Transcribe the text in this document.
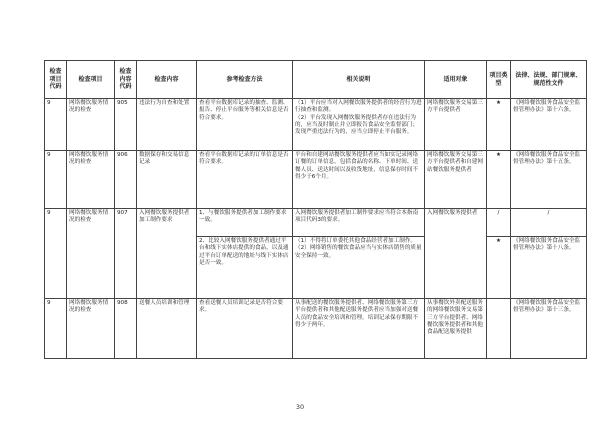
检查项目代码	检查项目	检查内容代码	检查内容	参考检查方法	相关说明	适用对象	项目类型	法律、法规、部门规章、规范性文件
9	网络餐饮服务情况的检查	905	违法行为自查和处置	查看平台数据库记录的抽查、监测、报告、停止平台服务等相关信息是否符合要求。	（1）平台应当对入网餐饮服务提供者的经营行为进行抽查和监测。
（2）平台发现入网餐饮服务提供者存在违法行为的，应当及时制止并立即报告食品安全监督部门；发现严重违法行为的，应当立即停止平台服务。	网络餐饮服务交易第三方平台提供者	★	《网络餐饮服务食品安全监督管理办法》第十六条。
9	网络餐饮服务情况的检查	906	数据保存和交易信息记录	查看平台数据库记录的订单信息是否符合要求。	平台和自建网站餐饮服务提供者应当如实记录网络订餐的订单信息，包括食品的名称、下单时间、送餐人员、送达时间以及收货地址，信息保存时间不得少于6个月。	网络餐饮服务交易第三方平台提供者和自建网站餐饮服务提供者	★	《网络餐饮服务食品安全监督管理办法》第十五条。
9	网络餐饮服务情况的检查	907	入网餐饮服务提供者加工制作要求	1、与餐饮服务提供者加工制作要求一致。	入网餐饮服务提供者加工制作要求应当符合本指南项目代码3的要求。	入网餐饮服务提供者	/	/
				2、比较入网餐饮服务提供者通过平台和线下实体店提供的食品，以及通过平台订单配送的地址与线下实体店是否一致。	（1）不得将订单委托其他食品经营者加工制作。
（2）网络销售的餐饮食品应当与实体店销售的质量安全保持一致。		★	《网络餐饮服务食品安全监督管理办法》第十八条。
9	网络餐饮服务情况的检查	908	送餐人员培训和管理	查看送餐人员培训记录是否符合要求。	从事配送的餐饮服务提供者、网络餐饮服务第三方平台提供者和其他配送服务提供者应当加强对送餐人员的食品安全培训和管理。培训记录保存期限不得少于两年。	从事餐饮外卖配送服务的网络餐饮服务交易第三方平台提供者、网络餐饮服务提供者和其他食品配送服务提供		《网络餐饮服务食品安全监督管理办法》第十三条。
30
